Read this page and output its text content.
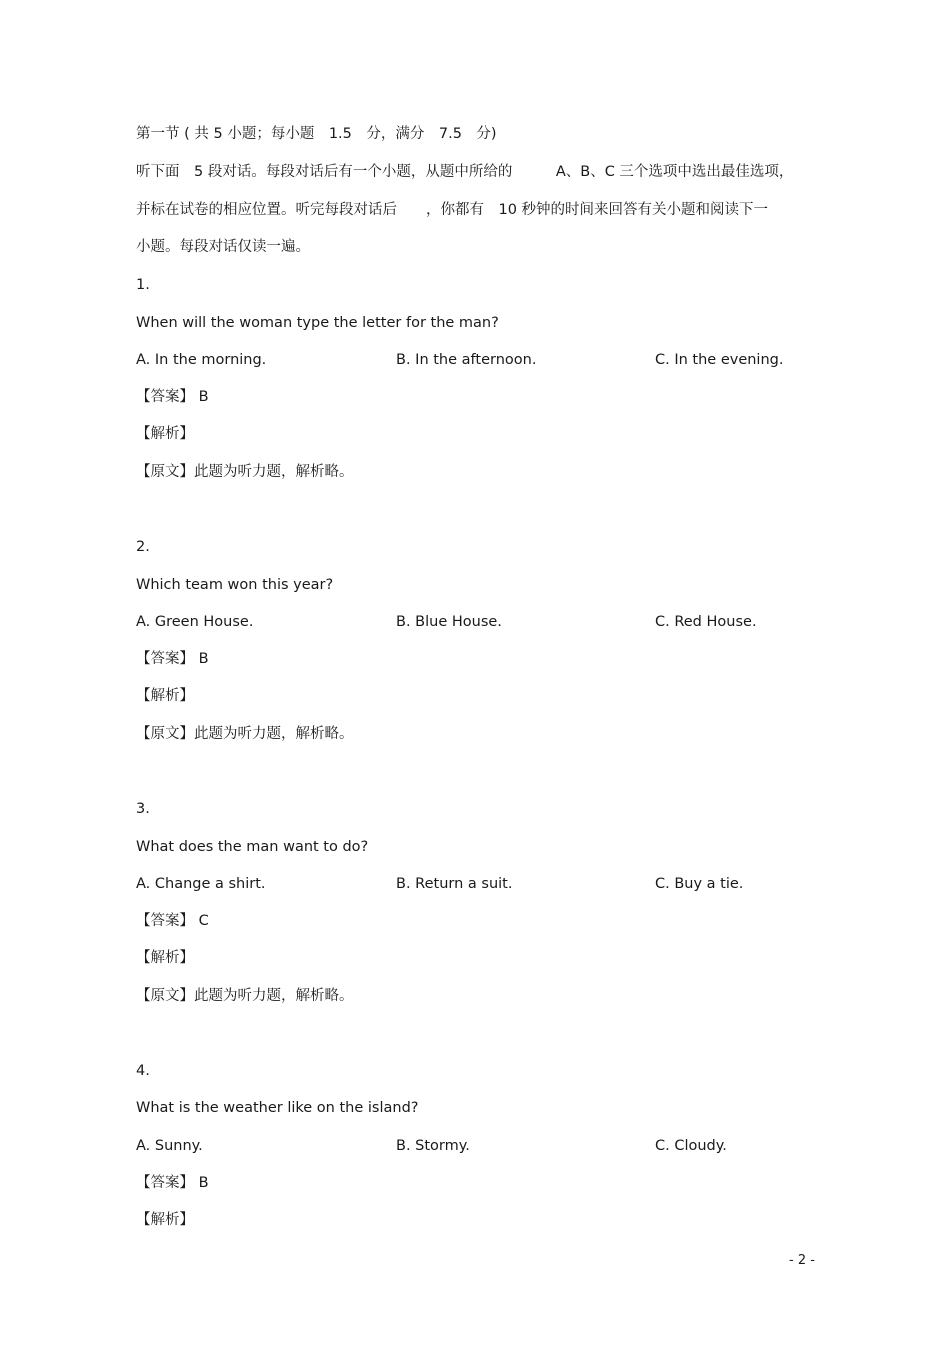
第一节 ( 共 5 小题；每小题　1.5　分，满分　7.5　分)
听下面　5 段对话。每段对话后有一个小题，从题中所给的　　　A、B、C 三个选项中选出最佳选项，
并标在试卷的相应位置。听完每段对话后　　，你都有　10 秒钟的时间来回答有关小题和阅读下一
小题。每段对话仅读一遍。
1.
When will the woman type the letter for the man?
A. In the morning.	B. In the afternoon.	C. In the evening.
【答案】 B
【解析】
【原文】此题为听力题，解析略。
2.
Which team won this year?
A. Green House.	B. Blue House.	C. Red House.
【答案】 B
【解析】
【原文】此题为听力题，解析略。
3.
What does the man want to do?
A. Change a shirt.	B. Return a suit.	C. Buy a tie.
【答案】 C
【解析】
【原文】此题为听力题，解析略。
4.
What is the weather like on the island?
A. Sunny.	B. Stormy.	C. Cloudy.
【答案】 B
【解析】
- 2 -
